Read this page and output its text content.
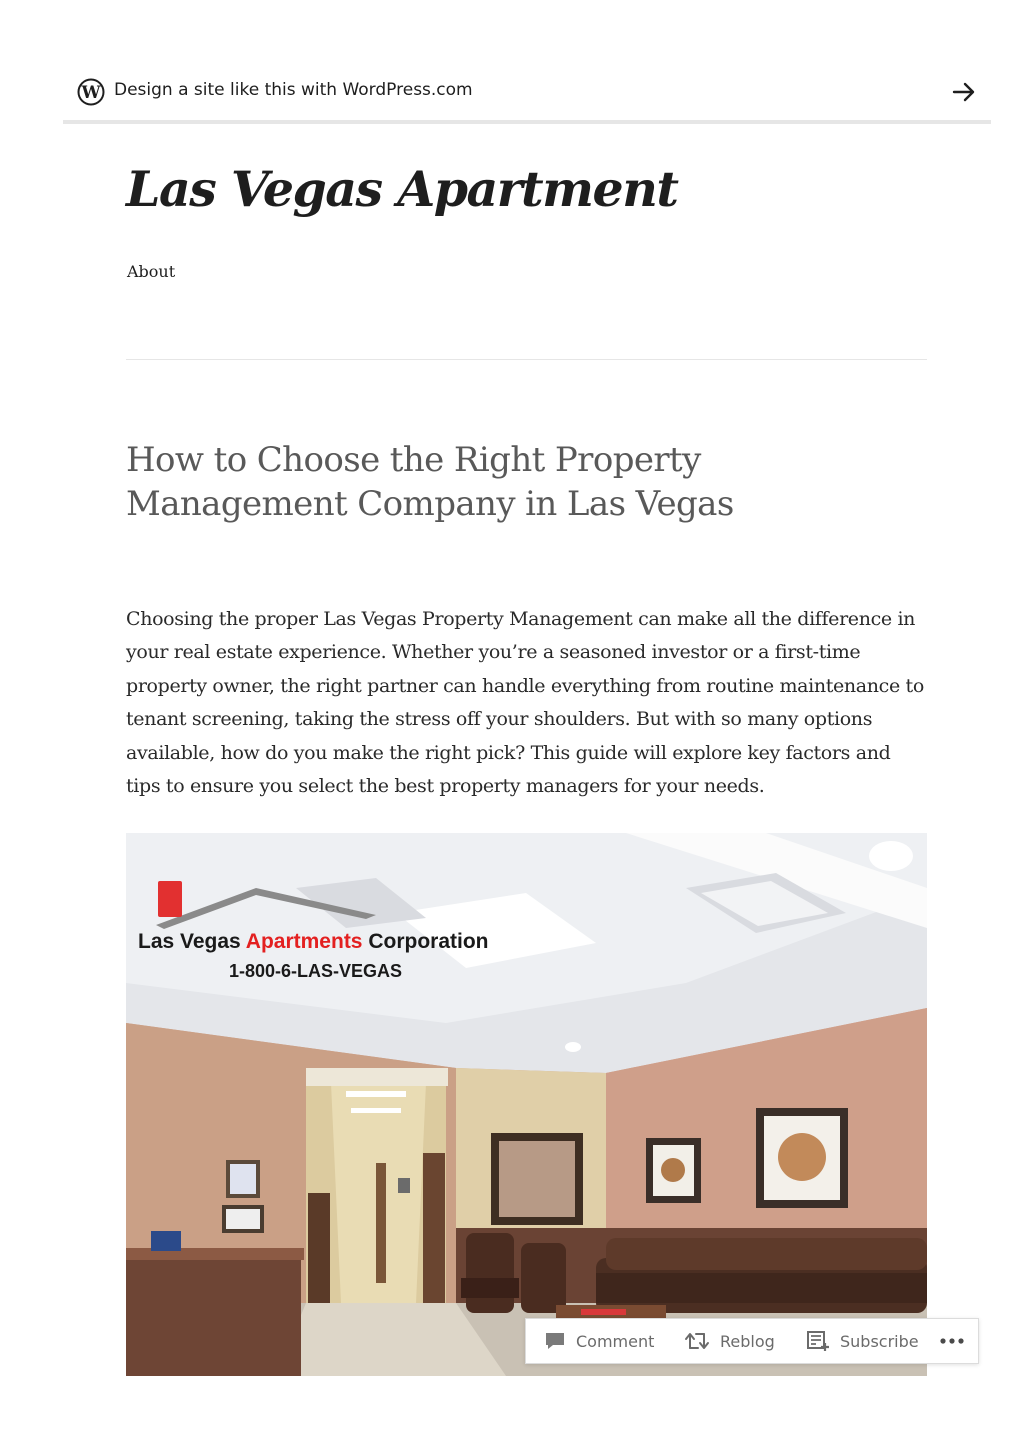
W Design a site like this with WordPress.com
Las Vegas Apartment
About
How to Choose the Right Property Management Company in Las Vegas

Choosing the proper Las Vegas Property Management can make all the difference in your real estate experience. Whether you’re a seasoned investor or a first-time property owner, the right partner can handle everything from routine maintenance to tenant screening, taking the stress off your shoulders. But with so many options available, how do you make the right pick? This guide will explore key factors and tips to ensure you select the best property managers for your needs.

Las Vegas Apartments Corporation
1-800-6-LAS-VEGAS
Comment	Reblog	Subscribe
